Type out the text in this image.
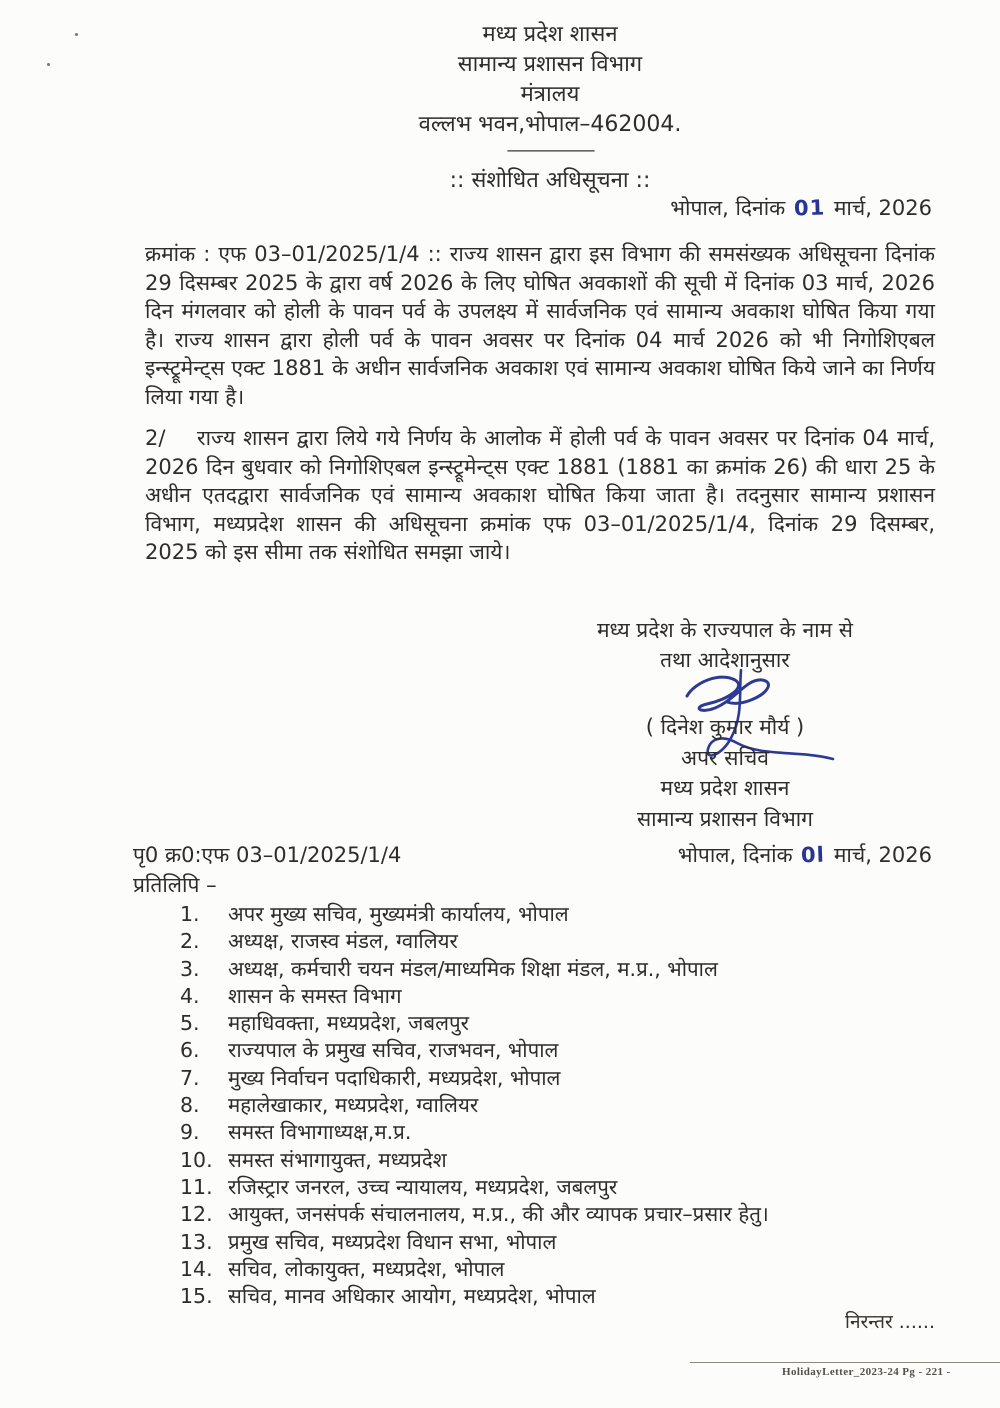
मध्य प्रदेश शासन
सामान्य प्रशासन विभाग
मंत्रालय
वल्लभ भवन,भोपाल–462004.
—————–
:: संशोधित अधिसूचना ::
भोपाल, दिनांक 01 मार्च, 2026
क्रमांक : एफ 03–01/2025/1/4 :: राज्य शासन द्वारा इस विभाग की समसंख्यक अधिसूचना दिनांक 29 दिसम्बर 2025 के द्वारा वर्ष 2026 के लिए घोषित अवकाशों की सूची में दिनांक 03 मार्च, 2026 दिन मंगलवार को होली के पावन पर्व के उपलक्ष्य में सार्वजनिक एवं सामान्य अवकाश घोषित किया गया है। राज्य शासन द्वारा होली पर्व के पावन अवसर पर दिनांक 04 मार्च 2026 को भी निगोशिएबल इन्स्ट्रूमेन्ट्स एक्ट 1881 के अधीन सार्वजनिक अवकाश एवं सामान्य अवकाश घोषित किये जाने का निर्णय लिया गया है।
2/    राज्य शासन द्वारा लिये गये निर्णय के आलोक में होली पर्व के पावन अवसर पर दिनांक 04 मार्च, 2026 दिन बुधवार को निगोशिएबल इन्स्ट्रूमेन्ट्स एक्ट 1881 (1881 का क्रमांक 26) की धारा 25 के अधीन एतदद्वारा सार्वजनिक एवं सामान्य अवकाश घोषित किया जाता है। तदनुसार सामान्य प्रशासन विभाग, मध्यप्रदेश शासन की अधिसूचना क्रमांक एफ 03–01/2025/1/4, दिनांक 29 दिसम्बर, 2025 को इस सीमा तक संशोधित समझा जाये।
मध्य प्रदेश के राज्यपाल के नाम से
तथा आदेशानुसार
( दिनेश कुमार मौर्य )
अपर सचिव
मध्य प्रदेश शासन
सामान्य प्रशासन विभाग
पृ0 क्र0:एफ 03–01/2025/1/4	भोपाल, दिनांक 0l मार्च, 2026
प्रतिलिपि –
1.	अपर मुख्य सचिव, मुख्यमंत्री कार्यालय, भोपाल
2.	अध्यक्ष, राजस्व मंडल, ग्वालियर
3.	अध्यक्ष, कर्मचारी चयन मंडल/माध्यमिक शिक्षा मंडल, म.प्र., भोपाल
4.	शासन के समस्त विभाग
5.	महाधिवक्ता, मध्यप्रदेश, जबलपुर
6.	राज्यपाल के प्रमुख सचिव, राजभवन, भोपाल
7.	मुख्य निर्वाचन पदाधिकारी, मध्यप्रदेश, भोपाल
8.	महालेखाकार, मध्यप्रदेश, ग्वालियर
9.	समस्त विभागाध्यक्ष,म.प्र.
10. समस्त संभागायुक्त, मध्यप्रदेश
11. रजिस्ट्रार जनरल, उच्च न्यायालय, मध्यप्रदेश, जबलपुर
12. आयुक्त, जनसंपर्क संचालनालय, म.प्र., की और व्यापक प्रचार–प्रसार हेतु।
13. प्रमुख सचिव, मध्यप्रदेश विधान सभा, भोपाल
14. सचिव, लोकायुक्त, मध्यप्रदेश, भोपाल
15. सचिव, मानव अधिकार आयोग, मध्यप्रदेश, भोपाल
निरन्तर ......
HolidayLetter_2023-24 Pg - 221 -
